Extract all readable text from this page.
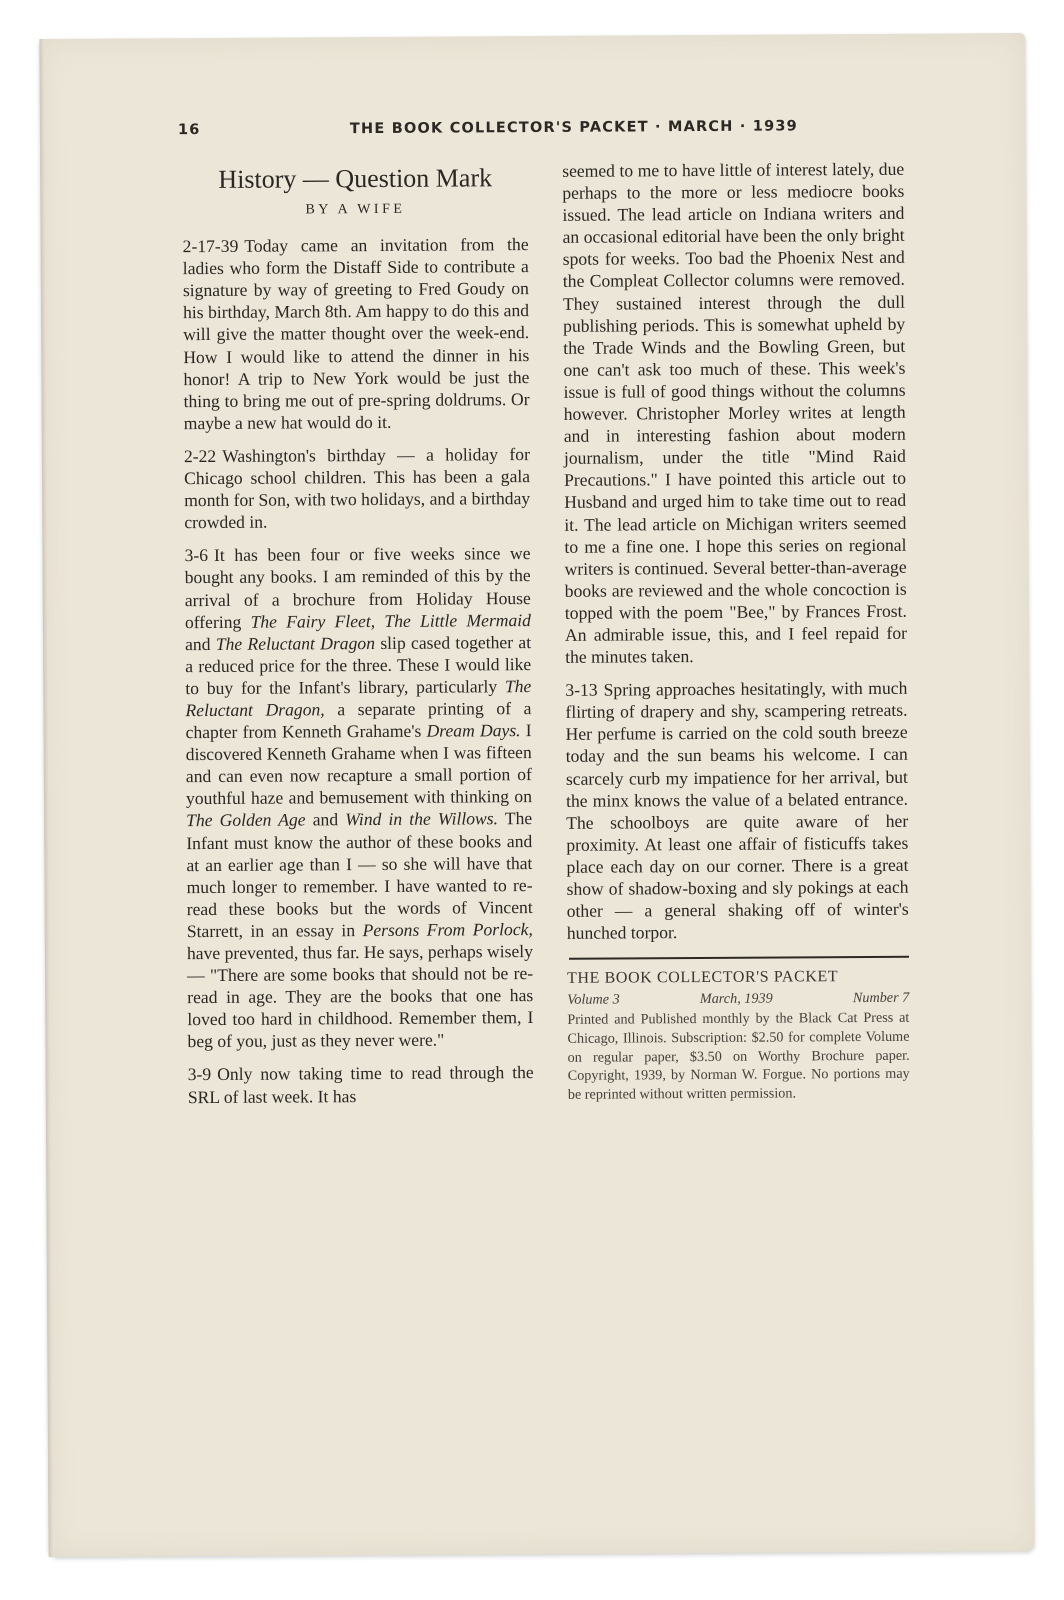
16	THE BOOK COLLECTOR'S PACKET · MARCH · 1939
History — Question Mark
BY A WIFE

2-17-39 Today came an invitation from the ladies who form the Distaff Side to contribute a signature by way of greeting to Fred Goudy on his birthday, March 8th. Am happy to do this and will give the matter thought over the week-end. How I would like to attend the dinner in his honor! A trip to New York would be just the thing to bring me out of pre-spring doldrums. Or maybe a new hat would do it.

2-22 Washington's birthday — a holiday for Chicago school children. This has been a gala month for Son, with two holidays, and a birthday crowded in.

3-6 It has been four or five weeks since we bought any books. I am reminded of this by the arrival of a brochure from Holiday House offering The Fairy Fleet, The Little Mermaid and The Reluctant Dragon slip cased together at a reduced price for the three. These I would like to buy for the Infant's library, particularly The Reluctant Dragon, a separate printing of a chapter from Kenneth Grahame's Dream Days. I discovered Kenneth Grahame when I was fifteen and can even now recapture a small portion of youthful haze and bemusement with thinking on The Golden Age and Wind in the Willows. The Infant must know the author of these books and at an earlier age than I — so she will have that much longer to remember. I have wanted to re-read these books but the words of Vincent Starrett, in an essay in Persons From Porlock, have prevented, thus far. He says, perhaps wisely — "There are some books that should not be re-read in age. They are the books that one has loved too hard in childhood. Remember them, I beg of you, just as they never were."

3-9 Only now taking time to read through the SRL of last week. It has

seemed to me to have little of interest lately, due perhaps to the more or less mediocre books issued. The lead article on Indiana writers and an occasional editorial have been the only bright spots for weeks. Too bad the Phoenix Nest and the Compleat Collector columns were removed. They sustained interest through the dull publishing periods. This is somewhat upheld by the Trade Winds and the Bowling Green, but one can't ask too much of these. This week's issue is full of good things without the columns however. Christopher Morley writes at length and in interesting fashion about modern journalism, under the title "Mind Raid Precautions." I have pointed this article out to Husband and urged him to take time out to read it. The lead article on Michigan writers seemed to me a fine one. I hope this series on regional writers is continued. Several better-than-average books are reviewed and the whole concoction is topped with the poem "Bee," by Frances Frost. An admirable issue, this, and I feel repaid for the minutes taken.

3-13 Spring approaches hesitatingly, with much flirting of drapery and shy, scampering retreats. Her perfume is carried on the cold south breeze today and the sun beams his welcome. I can scarcely curb my impatience for her arrival, but the minx knows the value of a belated entrance. The schoolboys are quite aware of her proximity. At least one affair of fisticuffs takes place each day on our corner. There is a great show of shadow-boxing and sly pokings at each other — a general shaking off of winter's hunched torpor.

THE BOOK COLLECTOR'S PACKET
Volume 3	March, 1939	Number 7

Printed and Published monthly by the Black Cat Press at Chicago, Illinois. Subscription: $2.50 for complete Volume on regular paper, $3.50 on Worthy Brochure paper. Copyright, 1939, by Norman W. Forgue. No portions may be reprinted without written permission.
